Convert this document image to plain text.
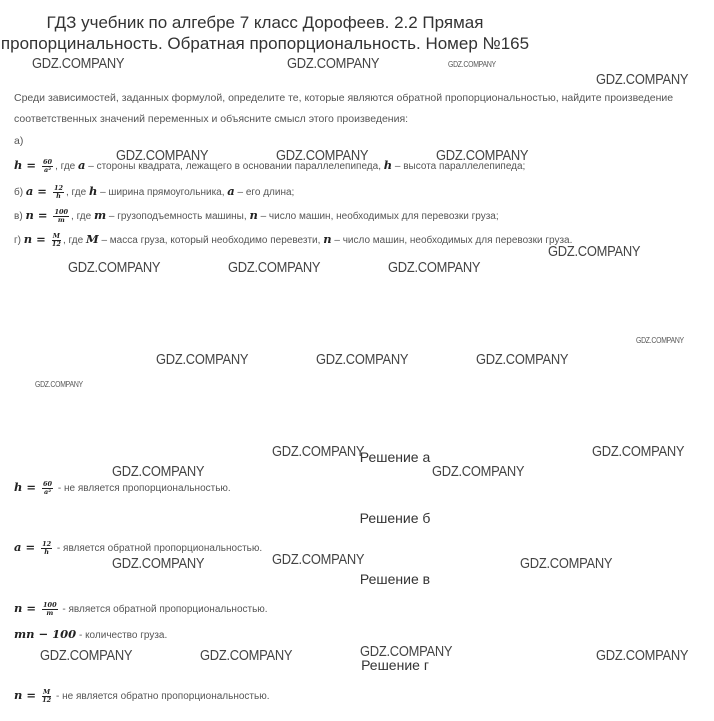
ГДЗ учебник по алгебре 7 класс Дорофеев. 2.2 Прямая пропорцинальность. Обратная пропорциональность. Номер №165
Среди зависимостей, заданных формулой, определите те, которые являются обратной пропорциональностью, найдите произведение
соответственных значений переменных и объясните смысл этого произведения:
а)
$h = \frac{60}{\text{a²}}$ , где a – стороны квадрата, лежащего в основании параллелепипеда, h – высота параллелепипеда;
б) $a = \frac{12}{h}$ , где h – ширина прямоугольника, a – его длина;
в) $n = \frac{100}{m}$ , где m – грузоподъемность машины, n – число машин, необходимых для перевозки груза;
г) $n = \frac{M}{12}$ , где M – масса груза, который необходимо перевезти, n – число машин, необходимых для перевозки груза.
Решение а
$h = \frac{60}{\text{a²}}$ - не является пропорциональностью.
Решение б
$a = \frac{12}{h}$ - является обратной пропорциональностью.
Решение в
$n = \frac{100}{m}$ - является обратной пропорциональностью.
mn − 100 - количество груза.
Решение г
$n = \frac{M}{12}$ - не является обратно пропорциональностью.
GDZ.COMPANY	GDZ.COMPANY	GDZ.COMPANY
GDZ.COMPANY
GDZ.COMPANY	GDZ.COMPANY	GDZ.COMPANY
GDZ.COMPANY
GDZ.COMPANY	GDZ.COMPANY	GDZ.COMPANY
GDZ.COMPANY
GDZ.COMPANY	GDZ.COMPANY	GDZ.COMPANY
GDZ.COMPANY
GDZ.COMPANY	GDZ.COMPANY
GDZ.COMPANY	GDZ.COMPANY
GDZ.COMPANY
GDZ.COMPANY	GDZ.COMPANY
GDZ.COMPANY
GDZ.COMPANY	GDZ.COMPANY	GDZ.COMPANY
